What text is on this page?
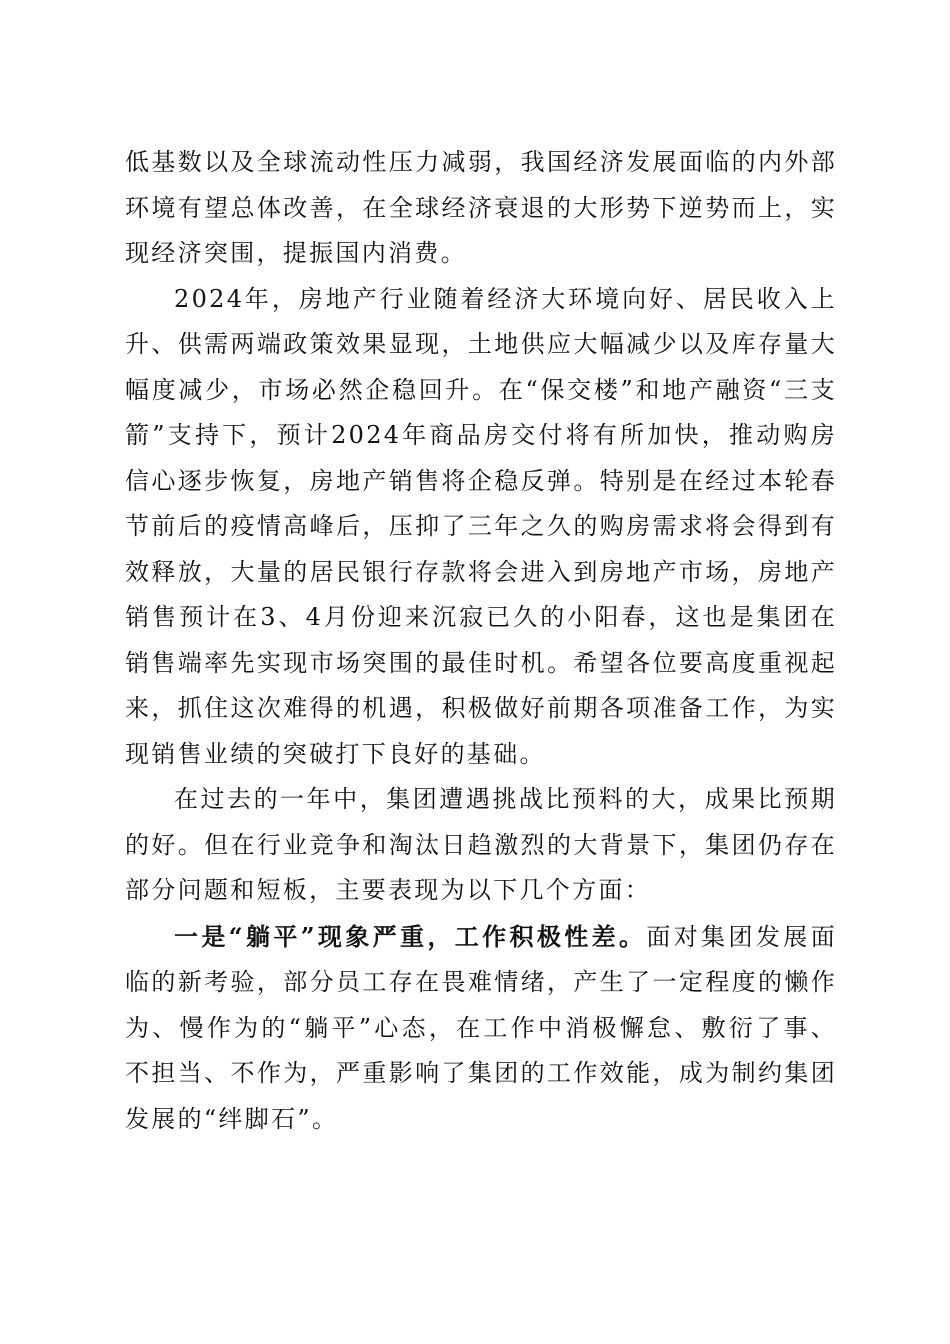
低基数以及全球流动性压力减弱，我国经济发展面临的内外部环境有望总体改善，在全球经济衰退的大形势下逆势而上，实现经济突围，提振国内消费。

2024年，房地产行业随着经济大环境向好、居民收入上升、供需两端政策效果显现，土地供应大幅减少以及库存量大幅度减少，市场必然企稳回升。在“保交楼”和地产融资“三支箭”支持下，预计2024年商品房交付将有所加快，推动购房信心逐步恢复，房地产销售将企稳反弹。特别是在经过本轮春节前后的疫情高峰后，压抑了三年之久的购房需求将会得到有效释放，大量的居民银行存款将会进入到房地产市场，房地产销售预计在3、4月份迎来沉寂已久的小阳春，这也是集团在销售端率先实现市场突围的最佳时机。希望各位要高度重视起来，抓住这次难得的机遇，积极做好前期各项准备工作，为实现销售业绩的突破打下良好的基础。

在过去的一年中，集团遭遇挑战比预料的大，成果比预期的好。但在行业竞争和淘汰日趋激烈的大背景下，集团仍存在部分问题和短板，主要表现为以下几个方面：

一是“躺平”现象严重，工作积极性差。面对集团发展面临的新考验，部分员工存在畏难情绪，产生了一定程度的懒作为、慢作为的“躺平”心态，在工作中消极懈怠、敷衍了事、不担当、不作为，严重影响了集团的工作效能，成为制约集团发展的“绊脚石”。
